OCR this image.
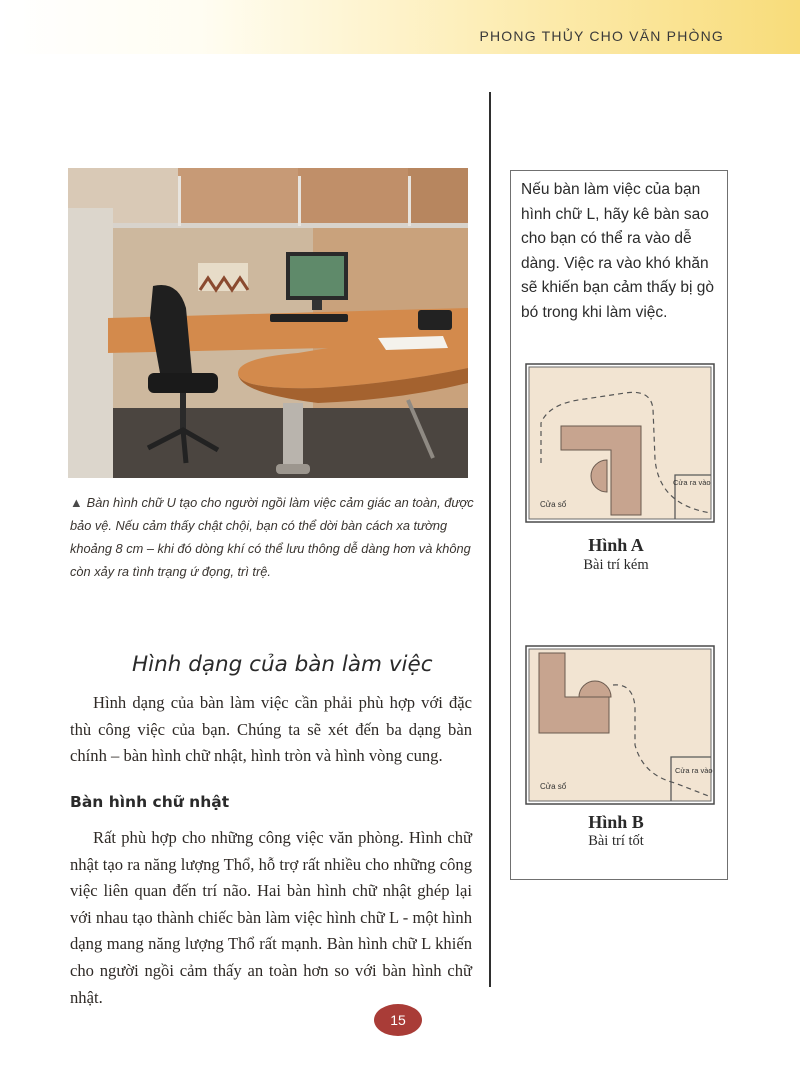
PHONG THỦY CHO VĂN PHÒNG

▲ Bàn hình chữ U tạo cho người ngồi làm việc cảm giác an toàn, được bảo vệ. Nếu cảm thấy chật chội, bạn có thể dời bàn cách xa tường khoảng 8 cm – khi đó dòng khí có thể lưu thông dễ dàng hơn và không còn xảy ra tình trạng ứ đọng, trì trệ.

Nếu bàn làm việc của bạn hình chữ L, hãy kê bàn sao cho bạn có thể ra vào dễ dàng. Việc ra vào khó khăn sẽ khiến bạn cảm thấy bị gò bó trong khi làm việc.

Cửa sổ
Cửa ra vào
Hình A
Bài trí kém
Cửa sổ
Cửa ra vào
Hình B
Bài trí tốt
Hình dạng của bàn làm việc

Hình dạng của bàn làm việc cần phải phù hợp với đặc thù công việc của bạn. Chúng ta sẽ xét đến ba dạng bàn chính – bàn hình chữ nhật, hình tròn và hình vòng cung.

Bàn hình chữ nhật

Rất phù hợp cho những công việc văn phòng. Hình chữ nhật tạo ra năng lượng Thổ, hỗ trợ rất nhiều cho những công việc liên quan đến trí não. Hai bàn hình chữ nhật ghép lại với nhau tạo thành chiếc bàn làm việc hình chữ L - một hình dạng mang năng lượng Thổ rất mạnh. Bàn hình chữ L khiến cho người ngồi cảm thấy an toàn hơn so với bàn hình chữ nhật.

15
